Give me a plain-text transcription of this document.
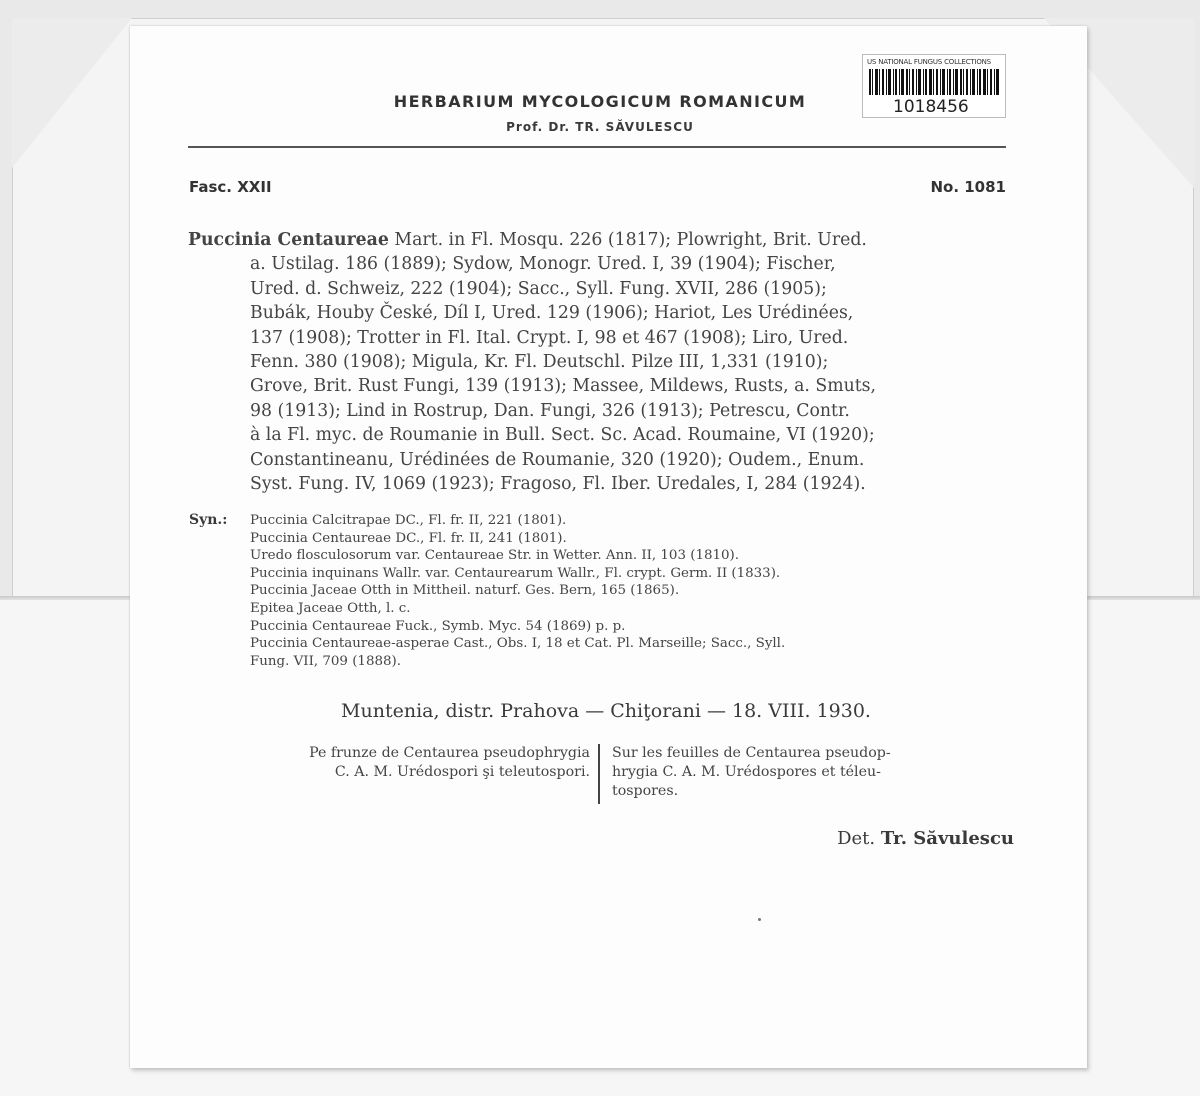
US NATIONAL FUNGUS COLLECTIONS
1018456
HERBARIUM MYCOLOGICUM ROMANICUM
Prof. Dr. TR. SĂVULESCU
Fasc. XXII	No. 1081
Puccinia Centaureae Mart. in Fl. Mosqu. 226 (1817); Plowright, Brit. Ured.
a. Ustilag. 186 (1889); Sydow, Monogr. Ured. I, 39 (1904); Fischer,
Ured. d. Schweiz, 222 (1904); Sacc., Syll. Fung. XVII, 286 (1905);
Bubák, Houby České, Díl I, Ured. 129 (1906); Hariot, Les Urédinées,
137 (1908); Trotter in Fl. Ital. Crypt. I, 98 et 467 (1908); Liro, Ured.
Fenn. 380 (1908); Migula, Kr. Fl. Deutschl. Pilze III, 1,331 (1910);
Grove, Brit. Rust Fungi, 139 (1913); Massee, Mildews, Rusts, a. Smuts,
98 (1913); Lind in Rostrup, Dan. Fungi, 326 (1913); Petrescu, Contr.
à la Fl. myc. de Roumanie in Bull. Sect. Sc. Acad. Roumaine, VI (1920);
Constantineanu, Urédinées de Roumanie, 320 (1920); Oudem., Enum.
Syst. Fung. IV, 1069 (1923); Fragoso, Fl. Iber. Uredales, I, 284 (1924).
Syn.: Puccinia Calcitrapae DC., Fl. fr. II, 221 (1801).
Puccinia Centaureae DC., Fl. fr. II, 241 (1801).
Uredo flosculosorum var. Centaureae Str. in Wetter. Ann. II, 103 (1810).
Puccinia inquinans Wallr. var. Centaurearum Wallr., Fl. crypt. Germ. II (1833).
Puccinia Jaceae Otth in Mittheil. naturf. Ges. Bern, 165 (1865).
Epitea Jaceae Otth, l. c.
Puccinia Centaureae Fuck., Symb. Myc. 54 (1869) p. p.
Puccinia Centaureae-asperae Cast., Obs. I, 18 et Cat. Pl. Marseille; Sacc., Syll.
Fung. VII, 709 (1888).
Muntenia, distr. Prahova — Chiţorani — 18. VIII. 1930.
Pe frunze de Centaurea pseudophrygia
C. A. M. Urédospori şi teleutospori.
Sur les feuilles de Centaurea pseudop-
hrygia C. A. M. Urédospores et téleu-
tospores.
Det. Tr. Săvulescu
